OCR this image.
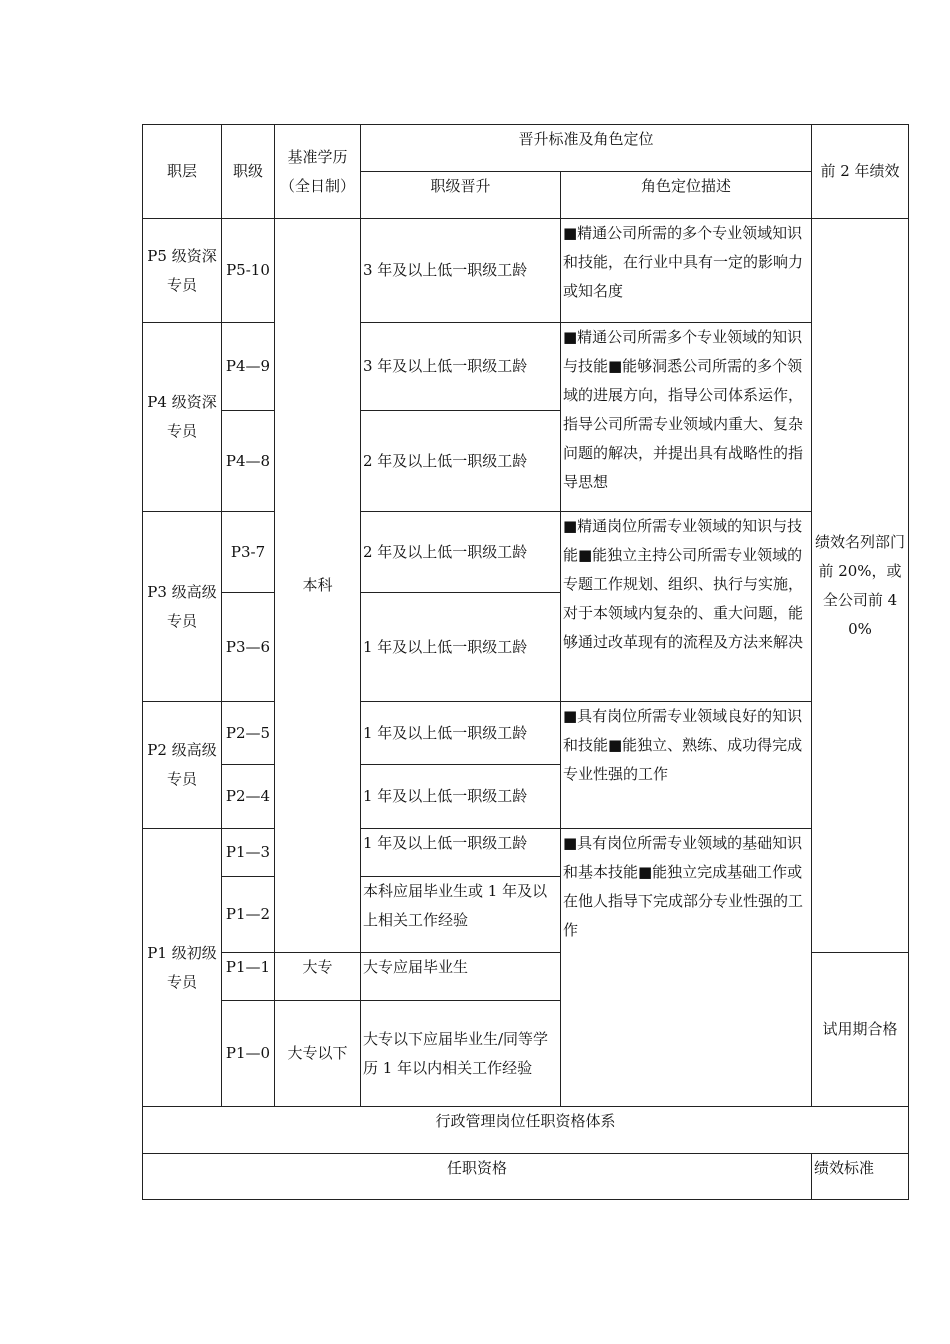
职层	职级	基准学历（全日制）	晋升标准及角色定位		前 2 年绩效
			职级晋升	角色定位描述	
P5 级资深专员	P5-10	本科	3 年及以上低一职级工龄	■精通公司所需的多个专业领域知识和技能，在行业中具有一定的影响力或知名度	绩效名列部门前 20%，或全公司前 40%
P4 级资深专员	P4—9		3 年及以上低一职级工龄	■精通公司所需多个专业领域的知识与技能■能够洞悉公司所需的多个领域的进展方向，指导公司体系运作，指导公司所需专业领域内重大、复杂问题的解决，并提出具有战略性的指导思想	
	P4—8		2 年及以上低一职级工龄		
P3 级高级专员	P3-7		2 年及以上低一职级工龄	■精通岗位所需专业领域的知识与技能■能独立主持公司所需专业领域的专题工作规划、组织、执行与实施，对于本领域内复杂的、重大问题，能够通过改革现有的流程及方法来解决	
	P3—6		1 年及以上低一职级工龄		
P2 级高级专员	P2—5		1 年及以上低一职级工龄	■具有岗位所需专业领域良好的知识和技能■能独立、熟练、成功得完成专业性强的工作	
	P2—4		1 年及以上低一职级工龄		
P1 级初级专员	P1—3		1 年及以上低一职级工龄	■具有岗位所需专业领域的基础知识和基本技能■能独立完成基础工作或在他人指导下完成部分专业性强的工作	
	P1—2		本科应届毕业生或 1 年及以上相关工作经验		
	P1—1	大专	大专应届毕业生		试用期合格
	P1—0	大专以下	大专以下应届毕业生/同等学历 1 年以内相关工作经验		
行政管理岗位任职资格体系					
任职资格					绩效标准
